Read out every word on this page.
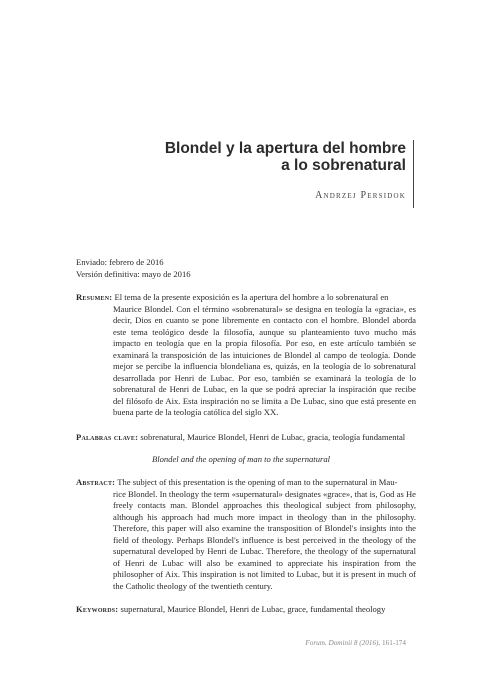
Blondel y la apertura del hombre
a lo sobrenatural
Andrzej Persidok
Enviado: febrero de 2016
Versión definitiva: mayo de 2016
Resumen: El tema de la presente exposición es la apertura del hombre a lo sobrenatural en
Maurice Blondel. Con el término «sobrenatural» se designa en teología la «gracia», es decir, Dios en cuanto se pone libremente en contacto con el hombre. Blondel aborda este tema teológico desde la filosofía, aunque su planteamiento tuvo mucho más impacto en teología que en la propia filosofía. Por eso, en este artículo también se examinará la transposición de las intuiciones de Blondel al campo de teología. Donde mejor se percibe la influencia blondeliana es, quizás, en la teología de lo sobrenatural desarrollada por Henri de Lubac. Por eso, también se examinará la teología de lo sobrenatural de Henri de Lubac, en la que se podrá apreciar la inspiración que recibe del filósofo de Aix. Esta inspiración no se limita a De Lubac, sino que está presente en buena parte de la teología católica del siglo XX.
Palabras clave: sobrenatural, Maurice Blondel, Henri de Lubac, gracia, teología fundamental
Blondel and the opening of man to the supernatural
Abstract: The subject of this presentation is the opening of man to the supernatural in Mau-
rice Blondel. In theology the term «supernatural» designates «grace», that is, God as He freely contacts man. Blondel approaches this theological subject from philosophy, although his approach had much more impact in theology than in the philosophy. Therefore, this paper will also examine the transposition of Blondel's insights into the field of theology. Perhaps Blondel's influence is best perceived in the theology of the supernatural developed by Henri de Lubac. Therefore, the theology of the supernatural of Henri de Lubac will also be examined to appreciate his inspiration from the philosopher of Aix. This inspiration is not limited to Lubac, but it is present in much of the Catholic theology of the twentieth century.
Keywords: supernatural, Maurice Blondel, Henri de Lubac, grace, fundamental theology
Forum. Dominii 8 (2016), 161-174
